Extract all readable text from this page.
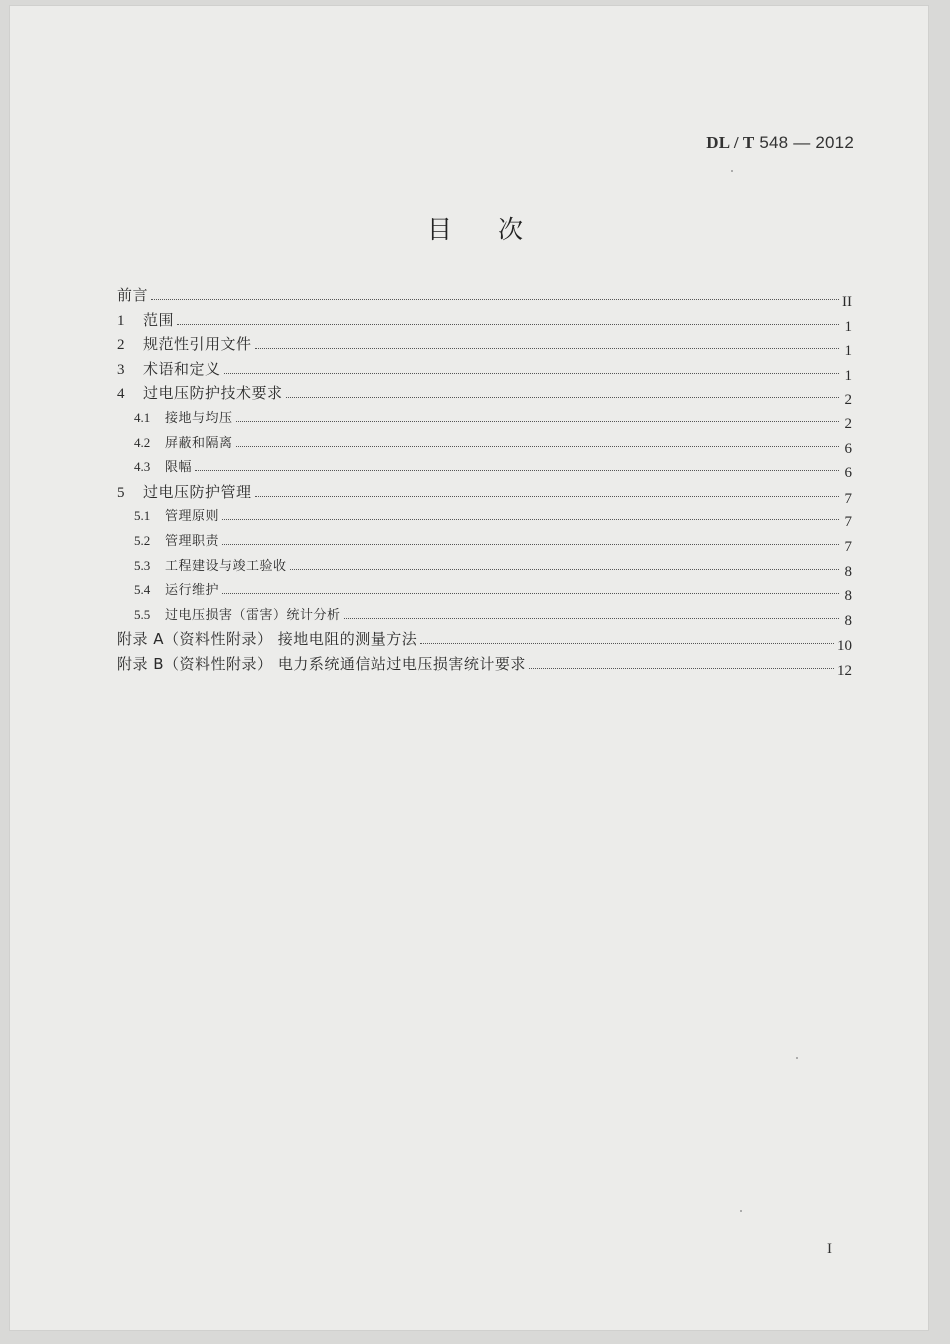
DL / T 548 — 2012
目次
前言	II
1	范围	1
2	规范性引用文件	1
3	术语和定义	1
4	过电压防护技术要求	2
4.1	接地与均压	2
4.2	屏蔽和隔离	6
4.3	限幅	6
5	过电压防护管理	7
5.1	管理原则	7
5.2	管理职责	7
5.3	工程建设与竣工验收	8
5.4	运行维护	8
5.5	过电压损害（雷害）统计分析	8
附录 A（资料性附录） 接地电阻的测量方法	10
附录 B（资料性附录） 电力系统通信站过电压损害统计要求	12
I
